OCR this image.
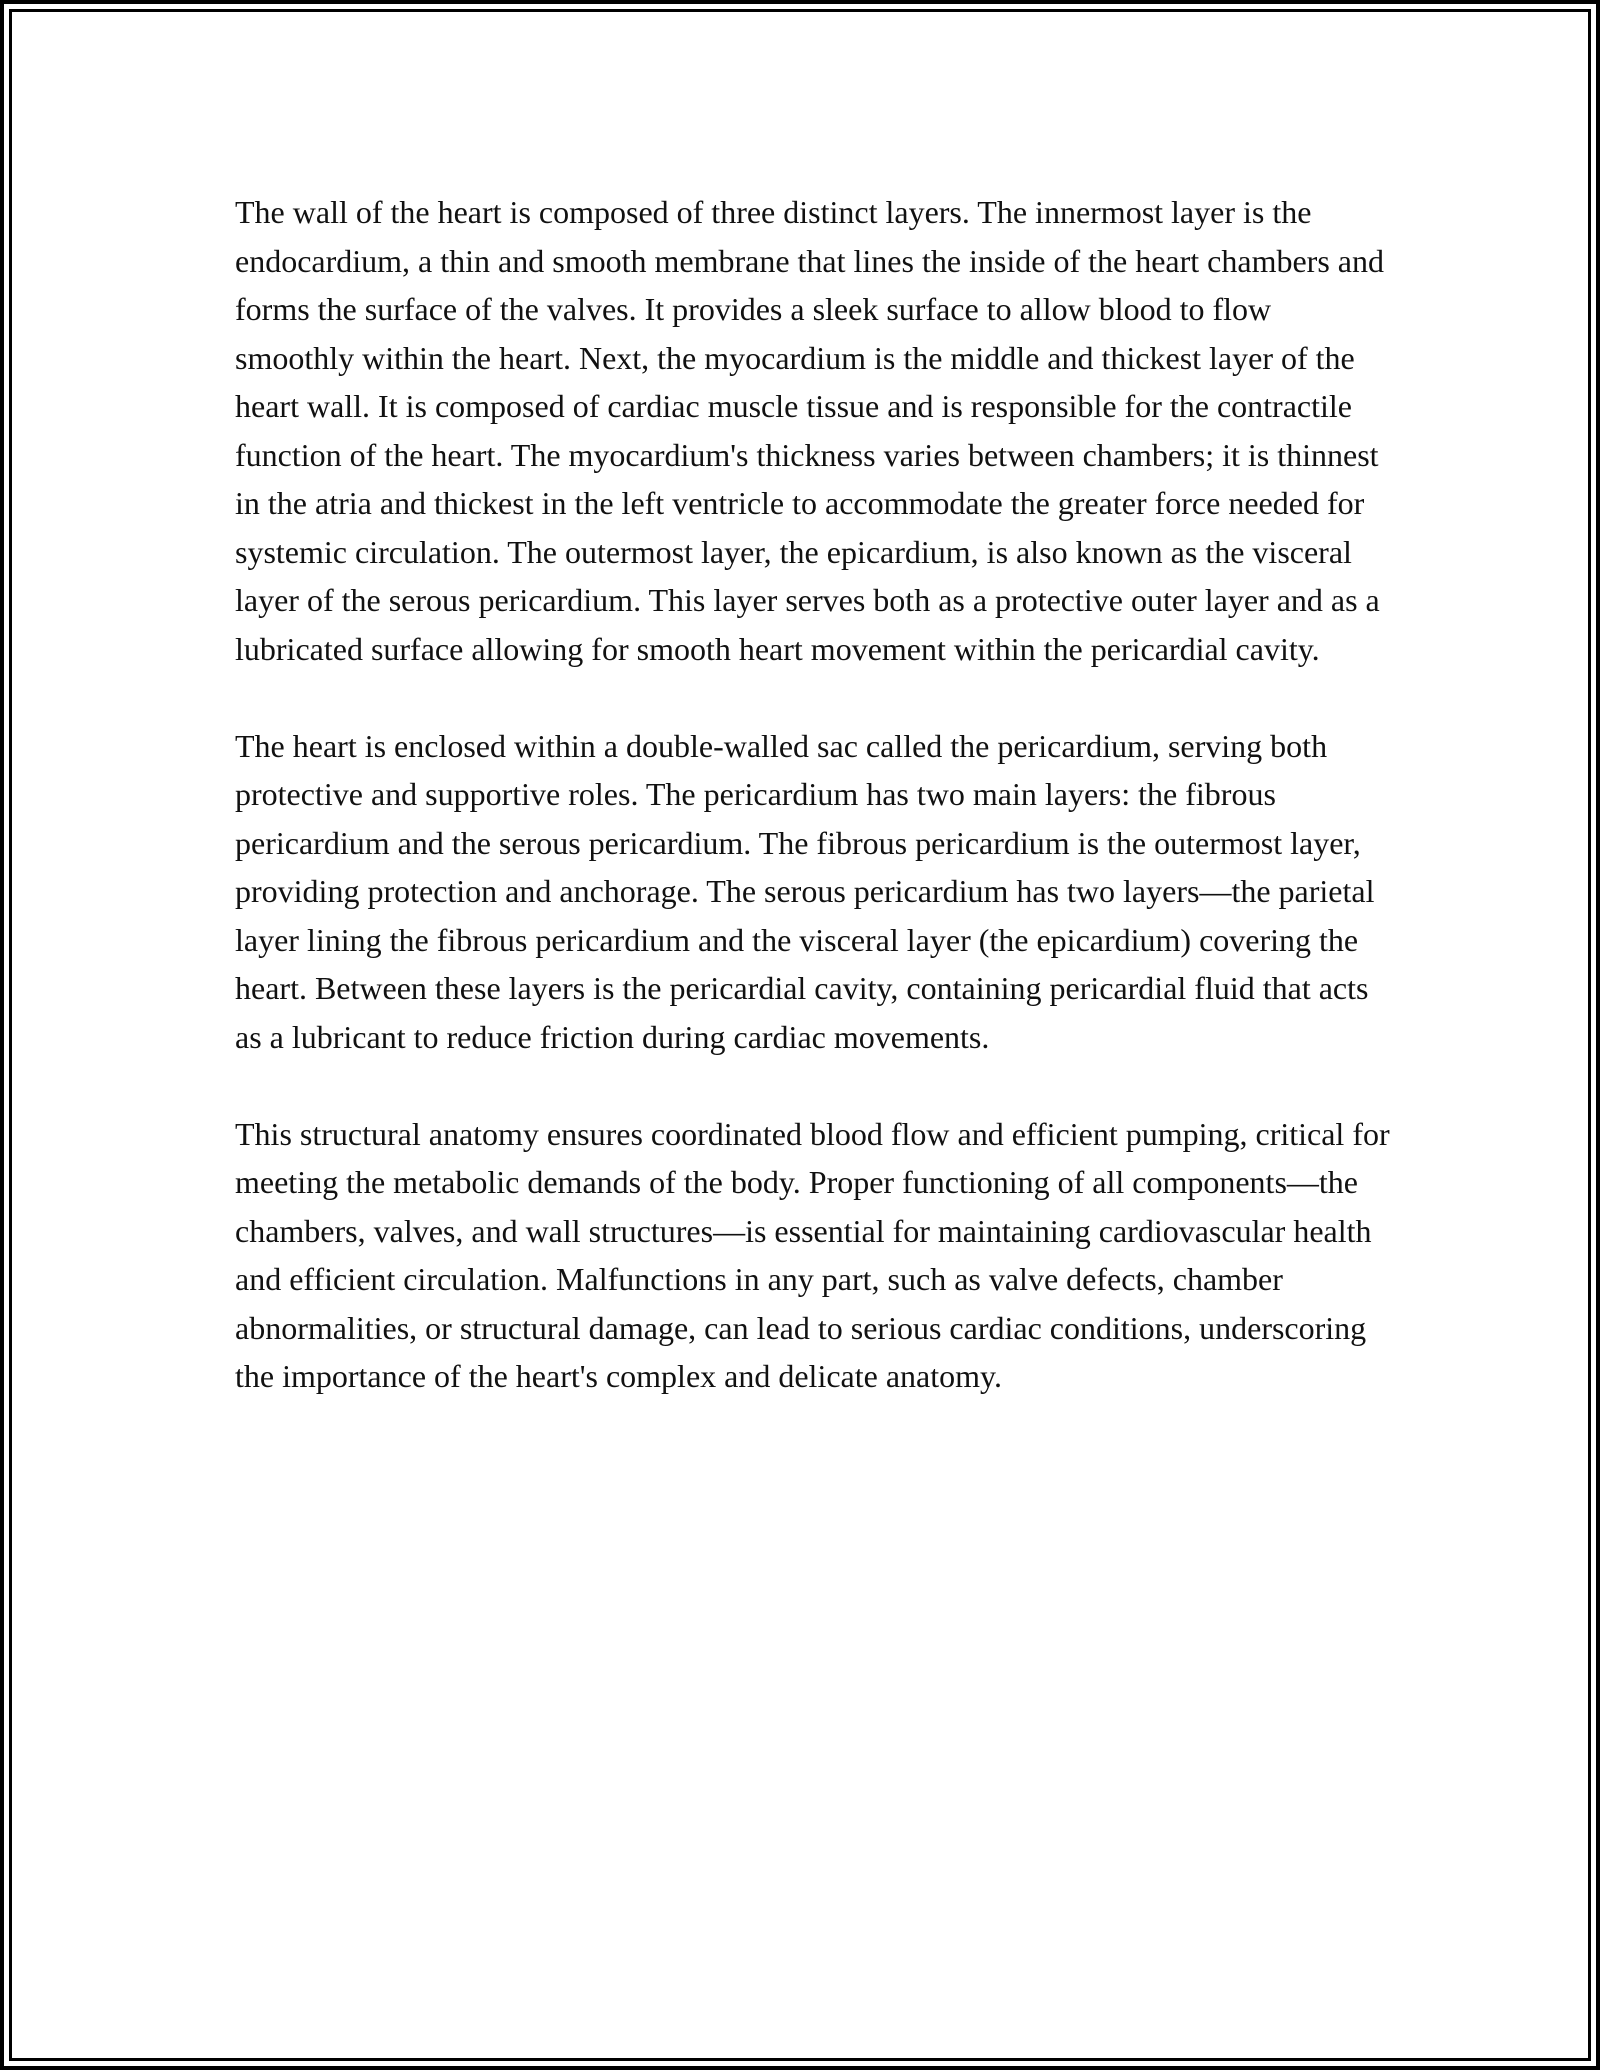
The wall of the heart is composed of three distinct layers. The innermost layer is the endocardium, a thin and smooth membrane that lines the inside of the heart chambers and forms the surface of the valves. It provides a sleek surface to allow blood to flow smoothly within the heart. Next, the myocardium is the middle and thickest layer of the heart wall. It is composed of cardiac muscle tissue and is responsible for the contractile function of the heart. The myocardium's thickness varies between chambers; it is thinnest in the atria and thickest in the left ventricle to accommodate the greater force needed for systemic circulation. The outermost layer, the epicardium, is also known as the visceral layer of the serous pericardium. This layer serves both as a protective outer layer and as a lubricated surface allowing for smooth heart movement within the pericardial cavity.

The heart is enclosed within a double-walled sac called the pericardium, serving both protective and supportive roles. The pericardium has two main layers: the fibrous pericardium and the serous pericardium. The fibrous pericardium is the outermost layer, providing protection and anchorage. The serous pericardium has two layers—the parietal layer lining the fibrous pericardium and the visceral layer (the epicardium) covering the heart. Between these layers is the pericardial cavity, containing pericardial fluid that acts as a lubricant to reduce friction during cardiac movements.

This structural anatomy ensures coordinated blood flow and efficient pumping, critical for meeting the metabolic demands of the body. Proper functioning of all components—the chambers, valves, and wall structures—is essential for maintaining cardiovascular health and efficient circulation. Malfunctions in any part, such as valve defects, chamber abnormalities, or structural damage, can lead to serious cardiac conditions, underscoring the importance of the heart's complex and delicate anatomy.
